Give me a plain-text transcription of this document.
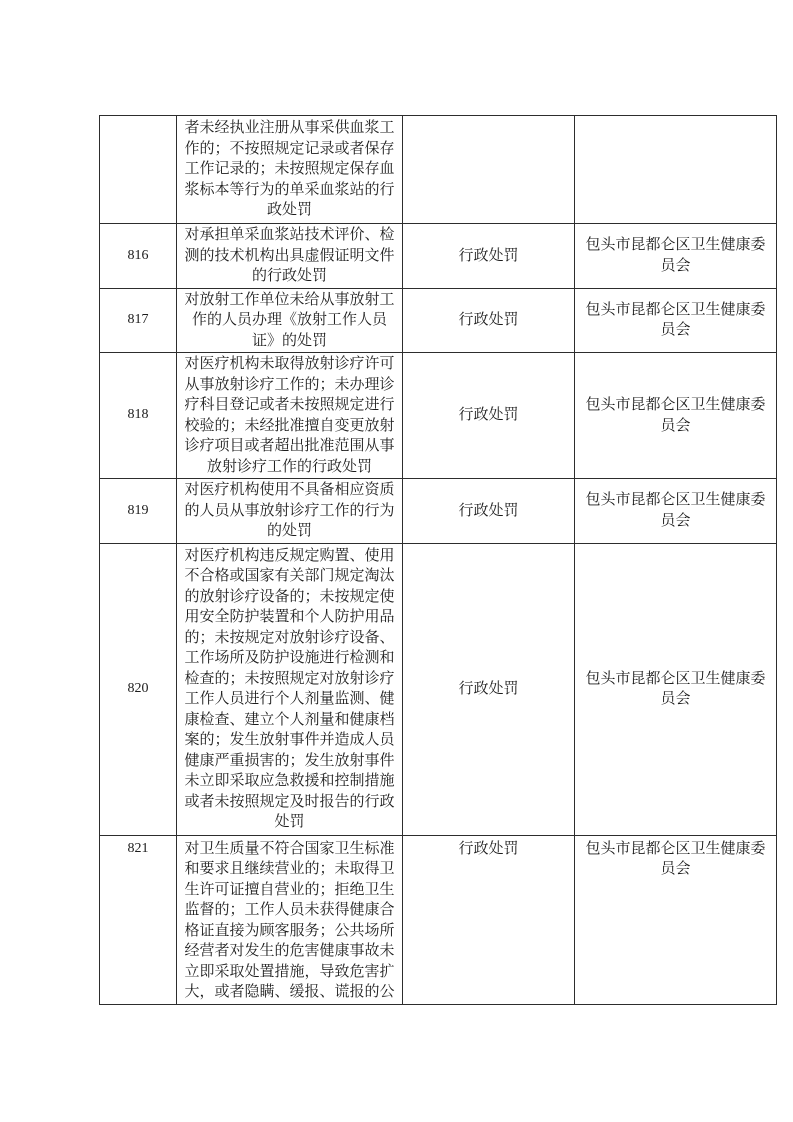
	者未经执业注册从事采供血浆工作的；不按照规定记录或者保存工作记录的；未按照规定保存血浆标本等行为的单采血浆站的行政处罚		
816	对承担单采血浆站技术评价、检测的技术机构出具虚假证明文件的行政处罚	行政处罚	包头市昆都仑区卫生健康委员会
817	对放射工作单位未给从事放射工作的人员办理《放射工作人员证》的处罚	行政处罚	包头市昆都仑区卫生健康委员会
818	对医疗机构未取得放射诊疗许可从事放射诊疗工作的；未办理诊疗科目登记或者未按照规定进行校验的；未经批准擅自变更放射诊疗项目或者超出批准范围从事放射诊疗工作的行政处罚	行政处罚	包头市昆都仑区卫生健康委员会
819	对医疗机构使用不具备相应资质的人员从事放射诊疗工作的行为的处罚	行政处罚	包头市昆都仑区卫生健康委员会
820	对医疗机构违反规定购置、使用不合格或国家有关部门规定淘汰的放射诊疗设备的；未按规定使用安全防护装置和个人防护用品的；未按规定对放射诊疗设备、工作场所及防护设施进行检测和检查的；未按照规定对放射诊疗工作人员进行个人剂量监测、健康检查、建立个人剂量和健康档案的；发生放射事件并造成人员健康严重损害的；发生放射事件未立即采取应急救援和控制措施或者未按照规定及时报告的行政处罚	行政处罚	包头市昆都仑区卫生健康委员会
821	对卫生质量不符合国家卫生标准和要求且继续营业的；未取得卫生许可证擅自营业的；拒绝卫生监督的；工作人员未获得健康合格证直接为顾客服务；公共场所经营者对发生的危害健康事故未立即采取处置措施，导致危害扩大，或者隐瞒、缓报、谎报的公	行政处罚	包头市昆都仑区卫生健康委员会
